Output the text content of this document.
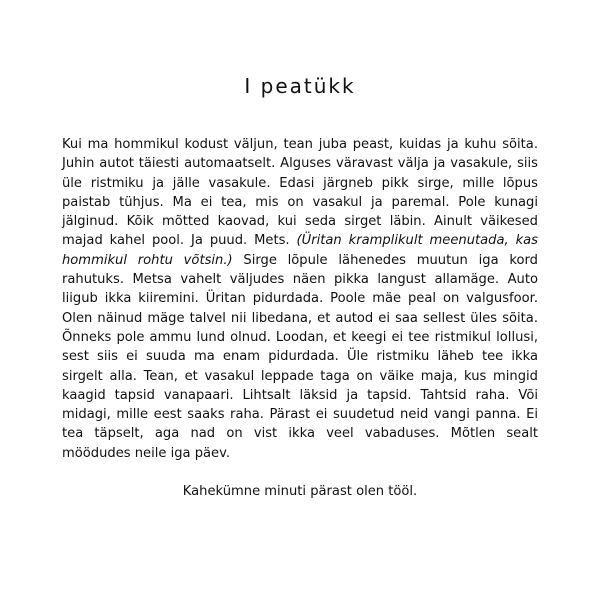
I peatükk

Kui ma hommikul kodust väljun, tean juba peast, kuidas ja kuhu sõita. Juhin autot täiesti automaatselt. Alguses väravast välja ja vasakule, siis üle ristmiku ja jälle vasakule. Edasi järgneb pikk sirge, mille lõpus paistab tühjus. Ma ei tea, mis on vasakul ja paremal. Pole kunagi jälginud. Kõik mõtted kaovad, kui seda sirget läbin. Ainult väikesed majad kahel pool. Ja puud. Mets. (Üritan kramplikult meenutada, kas hommikul rohtu võtsin.) Sirge lõpule lähenedes muutun iga kord rahutuks. Metsa vahelt väljudes näen pikka langust allamäge. Auto liigub ikka kiiremini. Üritan pidurdada. Poole mäe peal on valgusfoor. Olen näinud mäge talvel nii libedana, et autod ei saa sellest üles sõita. Õnneks pole ammu lund olnud. Loodan, et keegi ei tee ristmikul lollusi, sest siis ei suuda ma enam pidurdada. Üle ristmiku läheb tee ikka sirgelt alla. Tean, et vasakul leppade taga on väike maja, kus mingid kaagid tapsid vanapaari. Lihtsalt läksid ja tapsid. Tahtsid raha. Või midagi, mille eest saaks raha. Pärast ei suudetud neid vangi panna. Ei tea täpselt, aga nad on vist ikka veel vabaduses. Mõtlen sealt möödudes neile iga päev.

Kahekümne minuti pärast olen tööl.
